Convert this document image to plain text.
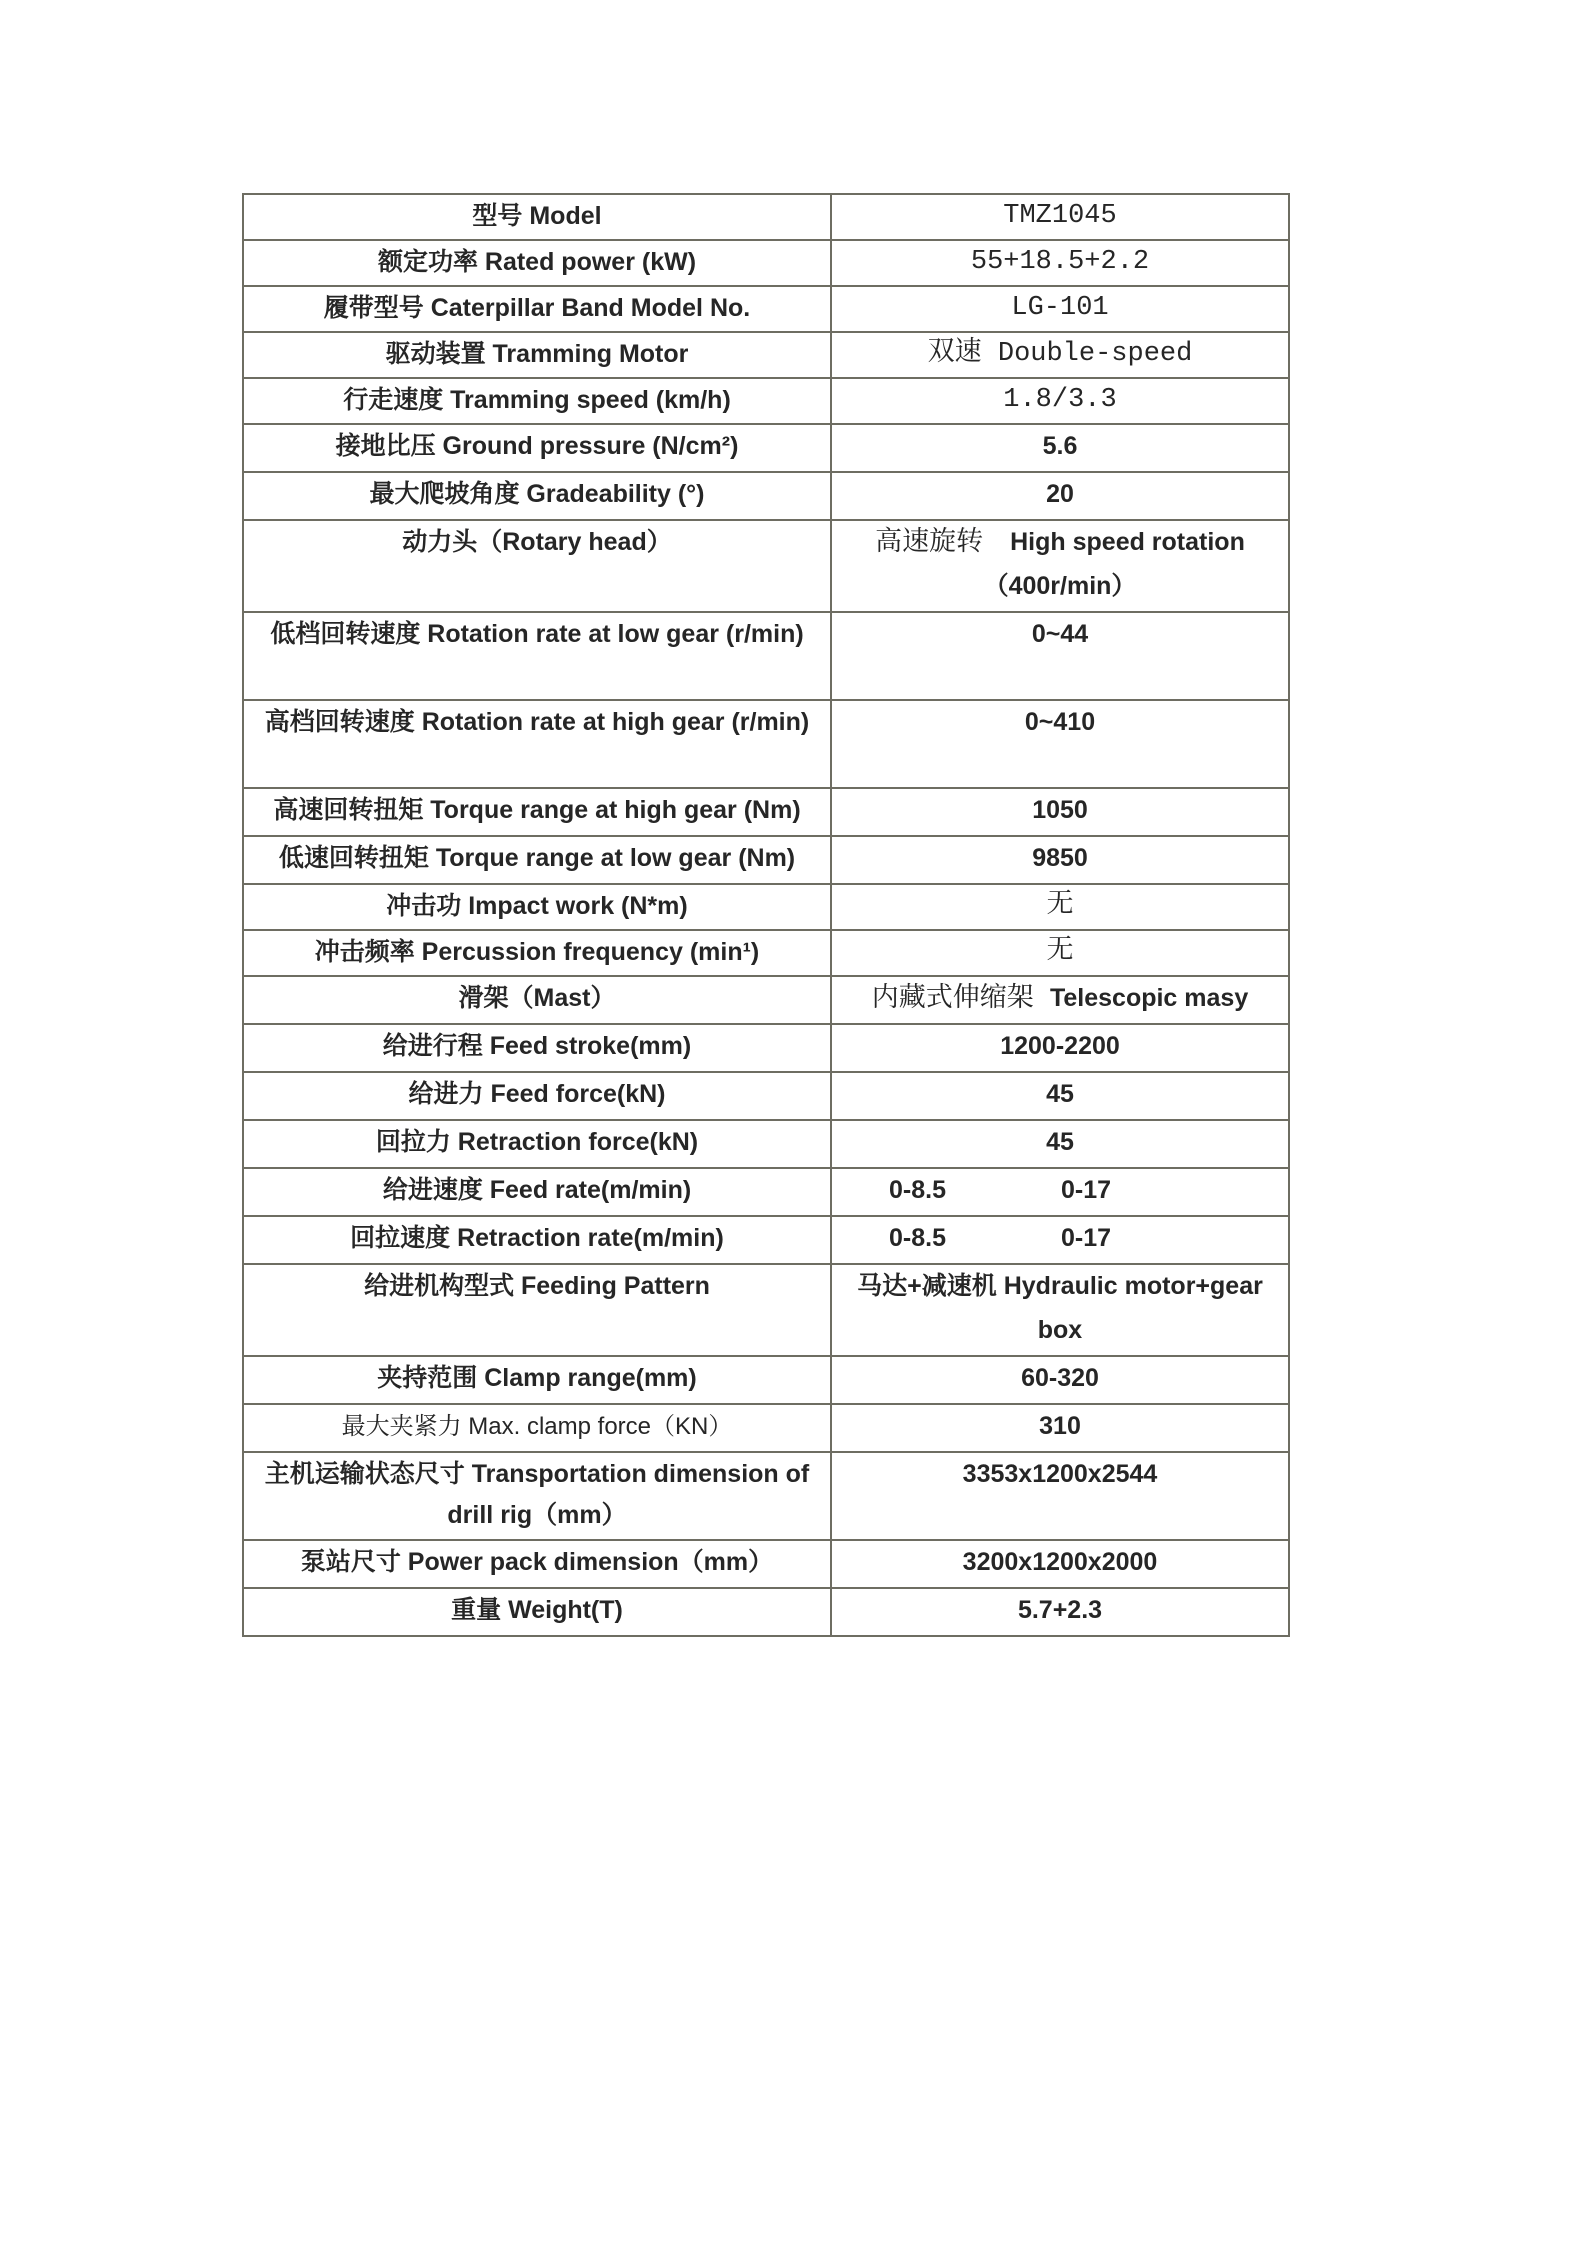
型号 Model	TMZ1045
额定功率 Rated power (kW)	55+18.5+2.2
履带型号 Caterpillar Band Model No.	LG-101
驱动装置 Tramming Motor	双速 Double-speed
行走速度 Tramming speed (km/h)	1.8/3.3
接地比压 Ground pressure (N/cm²)	5.6
最大爬坡角度 Gradeability (°)	20
动力头（Rotary head）	高速旋转　High speed rotation
（400r/min）

低档回转速度 Rotation rate at low gear (r/min)	0~44
高档回转速度 Rotation rate at high gear (r/min)	0~410
高速回转扭矩 Torque range at high gear (Nm)	1050
低速回转扭矩 Torque range at low gear (Nm)	9850
冲击功 Impact work (N*m)	无
冲击频率 Percussion frequency (min¹)	无
滑架（Mast）	内藏式伸缩架 Telescopic masy

给进行程 Feed stroke(mm)	1200-2200
给进力 Feed force(kN)	45
回拉力 Retraction force(kN)	45
给进速度 Feed rate(m/min)	0-8.5 0-17
回拉速度 Retraction rate(m/min)	0-8.5 0-17
给进机构型式 Feeding Pattern	马达+减速机 Hydraulic motor+gear box
夹持范围 Clamp range(mm)	60-320
最大夹紧力 Max. clamp force（KN）	310
主机运输状态尺寸 Transportation dimension of drill rig（mm）	3353x1200x2544
泵站尺寸 Power pack dimension（mm）	3200x1200x2000
重量 Weight(T)	5.7+2.3
